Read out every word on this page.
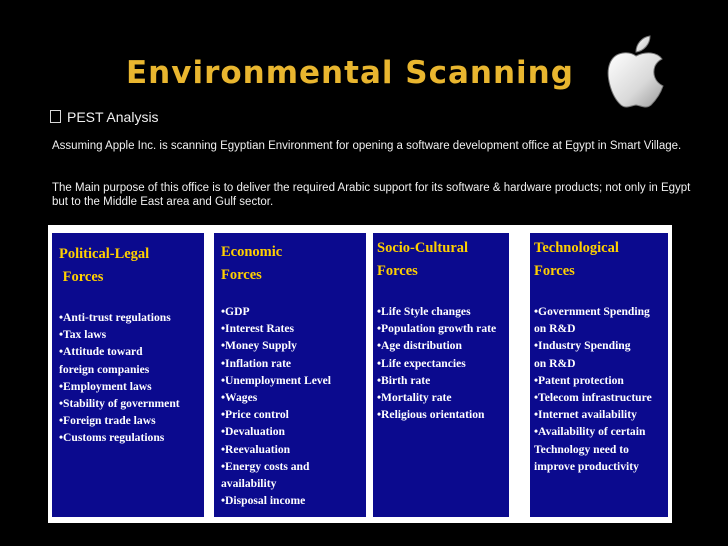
Environmental Scanning
PEST Analysis
Assuming Apple Inc. is scanning Egyptian Environment for opening a software development office at Egypt in Smart Village.
The Main purpose of this office is to deliver the required Arabic support for its software & hardware products; not only in Egypt but to the Middle East area and Gulf sector.
Political-Legal
Forces
•Anti-trust regulations
•Tax laws
•Attitude toward
foreign companies
•Employment laws
•Stability of government
•Foreign trade laws
•Customs regulations
Economic
Forces
•GDP
•Interest Rates
•Money Supply
•Inflation rate
•Unemployment Level
•Wages
•Price control
•Devaluation
•Reevaluation
•Energy costs and
availability
•Disposal income
Socio-Cultural
Forces
•Life Style changes
•Population growth rate
•Age distribution
•Life expectancies
•Birth rate
•Mortality rate
•Religious orientation
Technological
Forces
•Government Spending
on R&D
•Industry Spending
on R&D
•Patent protection
•Telecom infrastructure
•Internet availability
•Availability of certain
Technology need to
improve productivity
